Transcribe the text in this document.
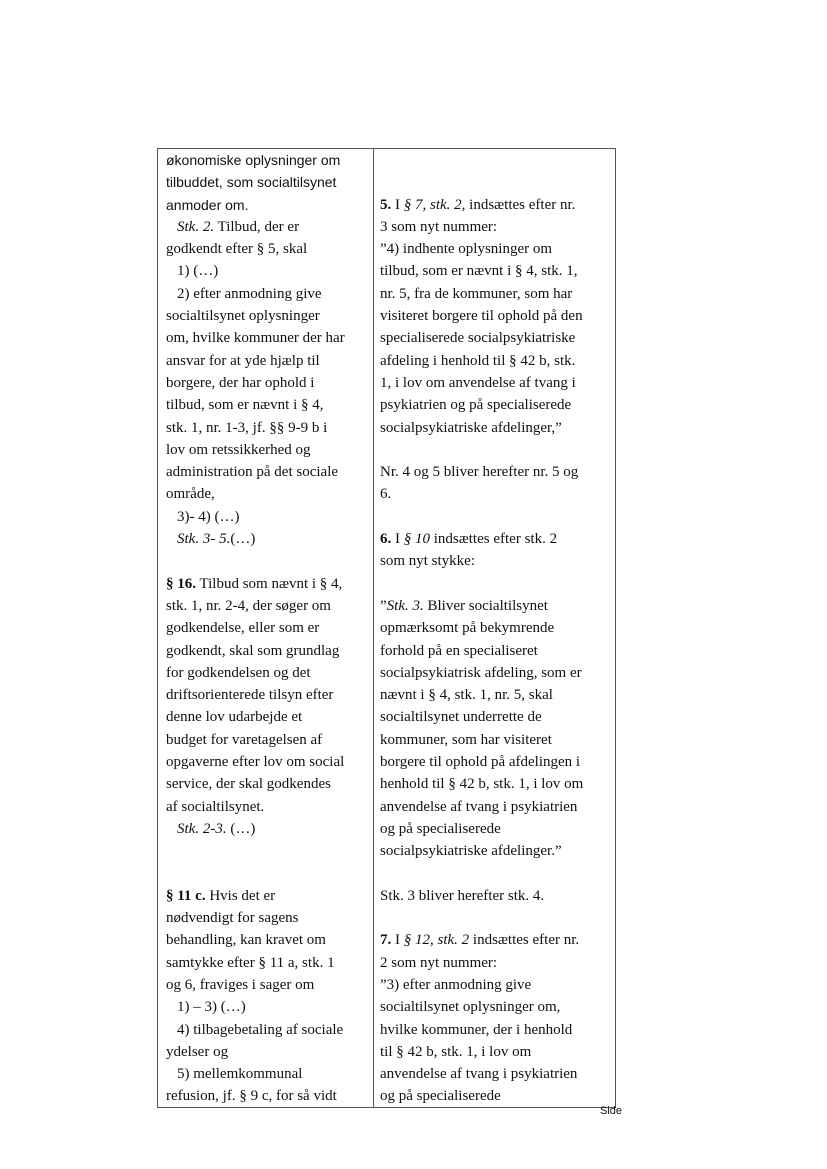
økonomiske oplysninger om
tilbuddet, som socialtilsynet
anmoder om.
Stk. 2. Tilbud, der er
godkendt efter § 5, skal
1) (…)
2) efter anmodning give
socialtilsynet oplysninger
om, hvilke kommuner der har
ansvar for at yde hjælp til
borgere, der har ophold i
tilbud, som er nævnt i § 4,
stk. 1, nr. 1-3, jf. §§ 9-9 b i
lov om retssikkerhed og
administration på det sociale
område,
3)- 4) (…)
Stk. 3- 5.(…)
§ 16. Tilbud som nævnt i § 4,
stk. 1, nr. 2-4, der søger om
godkendelse, eller som er
godkendt, skal som grundlag
for godkendelsen og det
driftsorienterede tilsyn efter
denne lov udarbejde et
budget for varetagelsen af
opgaverne efter lov om social
service, der skal godkendes
af socialtilsynet.
Stk. 2-3. (…)
§ 11 c. Hvis det er
nødvendigt for sagens
behandling, kan kravet om
samtykke efter § 11 a, stk. 1
og 6, fraviges i sager om
1) – 3) (…)
4) tilbagebetaling af sociale
ydelser og
5) mellemkommunal
refusion, jf. § 9 c, for så vidt
5. I § 7, stk. 2, indsættes efter nr.
3 som nyt nummer:
”4) indhente oplysninger om
tilbud, som er nævnt i § 4, stk. 1,
nr. 5, fra de kommuner, som har
visiteret borgere til ophold på den
specialiserede socialpsykiatriske
afdeling i henhold til § 42 b, stk.
1, i lov om anvendelse af tvang i
psykiatrien og på specialiserede
socialpsykiatriske afdelinger,”
Nr. 4 og 5 bliver herefter nr. 5 og
6.
6. I § 10 indsættes efter stk. 2
som nyt stykke:
”Stk. 3. Bliver socialtilsynet
opmærksomt på bekymrende
forhold på en specialiseret
socialpsykiatrisk afdeling, som er
nævnt i § 4, stk. 1, nr. 5, skal
socialtilsynet underrette de
kommuner, som har visiteret
borgere til ophold på afdelingen i
henhold til § 42 b, stk. 1, i lov om
anvendelse af tvang i psykiatrien
og på specialiserede
socialpsykiatriske afdelinger.”
Stk. 3 bliver herefter stk. 4.
7. I § 12, stk. 2 indsættes efter nr.
2 som nyt nummer:
”3) efter anmodning give
socialtilsynet oplysninger om,
hvilke kommuner, der i henhold
til § 42 b, stk. 1, i lov om
anvendelse af tvang i psykiatrien
og på specialiserede
Side
